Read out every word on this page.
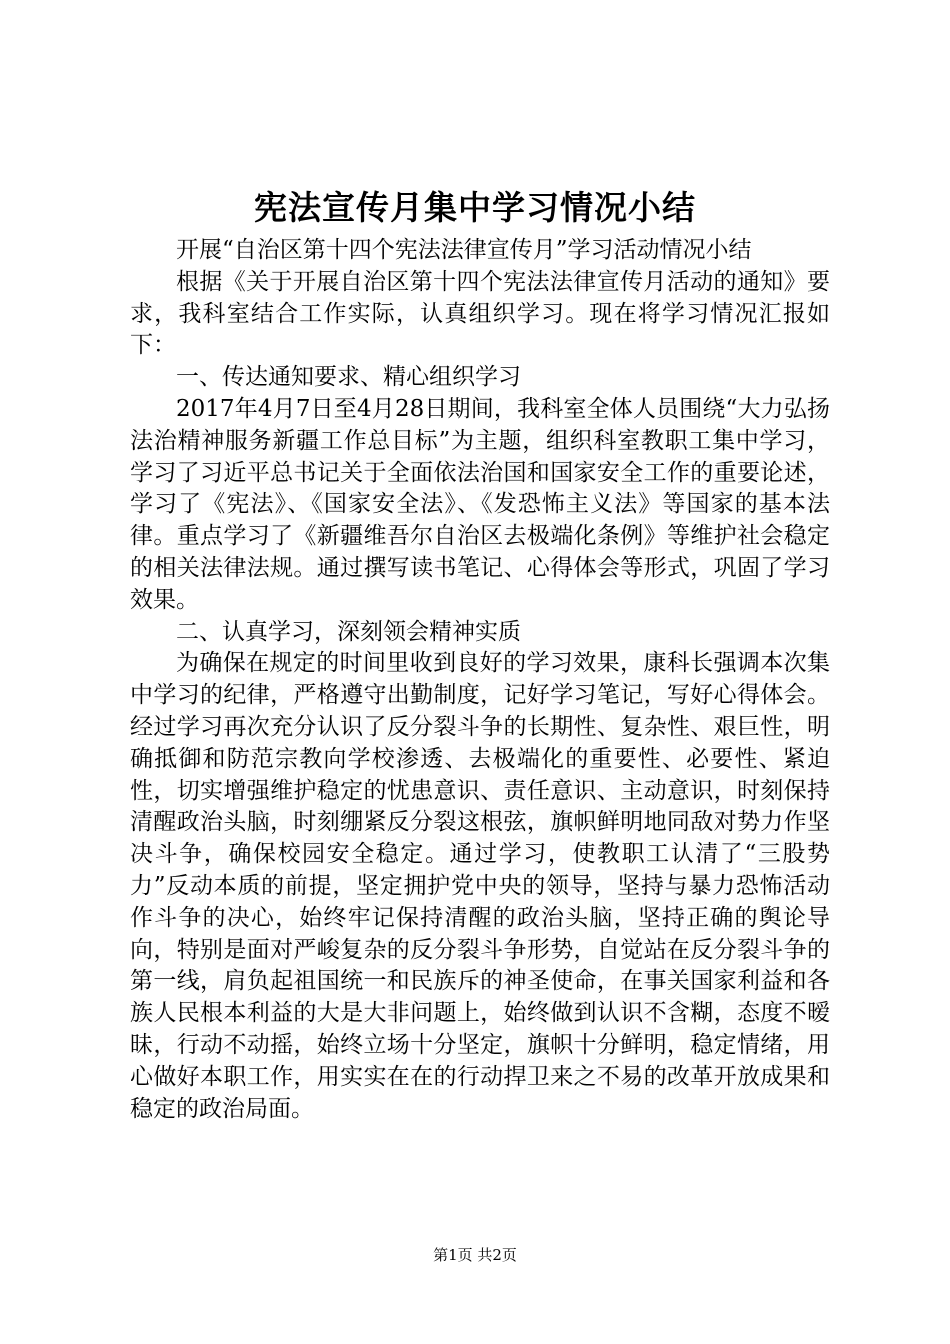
宪法宣传月集中学习情况小结

开展“自治区第十四个宪法法律宣传月”学习活动情况小结

根据《关于开展自治区第十四个宪法法律宣传月活动的通知》要求，我科室结合工作实际，认真组织学习。现在将学习情况汇报如下：

一、传达通知要求、精心组织学习

2017年4月7日至4月28日期间，我科室全体人员围绕“大力弘扬法治精神服务新疆工作总目标”为主题，组织科室教职工集中学习，学习了习近平总书记关于全面依法治国和国家安全工作的重要论述，学习了《宪法》、《国家安全法》、《发恐怖主义法》等国家的基本法律。重点学习了《新疆维吾尔自治区去极端化条例》等维护社会稳定的相关法律法规。通过撰写读书笔记、心得体会等形式，巩固了学习效果。

二、认真学习，深刻领会精神实质

为确保在规定的时间里收到良好的学习效果，康科长强调本次集中学习的纪律，严格遵守出勤制度，记好学习笔记，写好心得体会。经过学习再次充分认识了反分裂斗争的长期性、复杂性、艰巨性，明确抵御和防范宗教向学校渗透、去极端化的重要性、必要性、紧迫性，切实增强维护稳定的忧患意识、责任意识、主动意识，时刻保持清醒政治头脑，时刻绷紧反分裂这根弦，旗帜鲜明地同敌对势力作坚决斗争，确保校园安全稳定。通过学习，使教职工认清了“三股势力”反动本质的前提，坚定拥护党中央的领导，坚持与暴力恐怖活动作斗争的决心，始终牢记保持清醒的政治头脑，坚持正确的舆论导向，特别是面对严峻复杂的反分裂斗争形势，自觉站在反分裂斗争的第一线，肩负起祖国统一和民族斥的神圣使命，在事关国家利益和各族人民根本利益的大是大非问题上，始终做到认识不含糊，态度不暧昧，行动不动摇，始终立场十分坚定，旗帜十分鲜明，稳定情绪，用心做好本职工作，用实实在在的行动捍卫来之不易的改革开放成果和稳定的政治局面。

第1页 共2页
